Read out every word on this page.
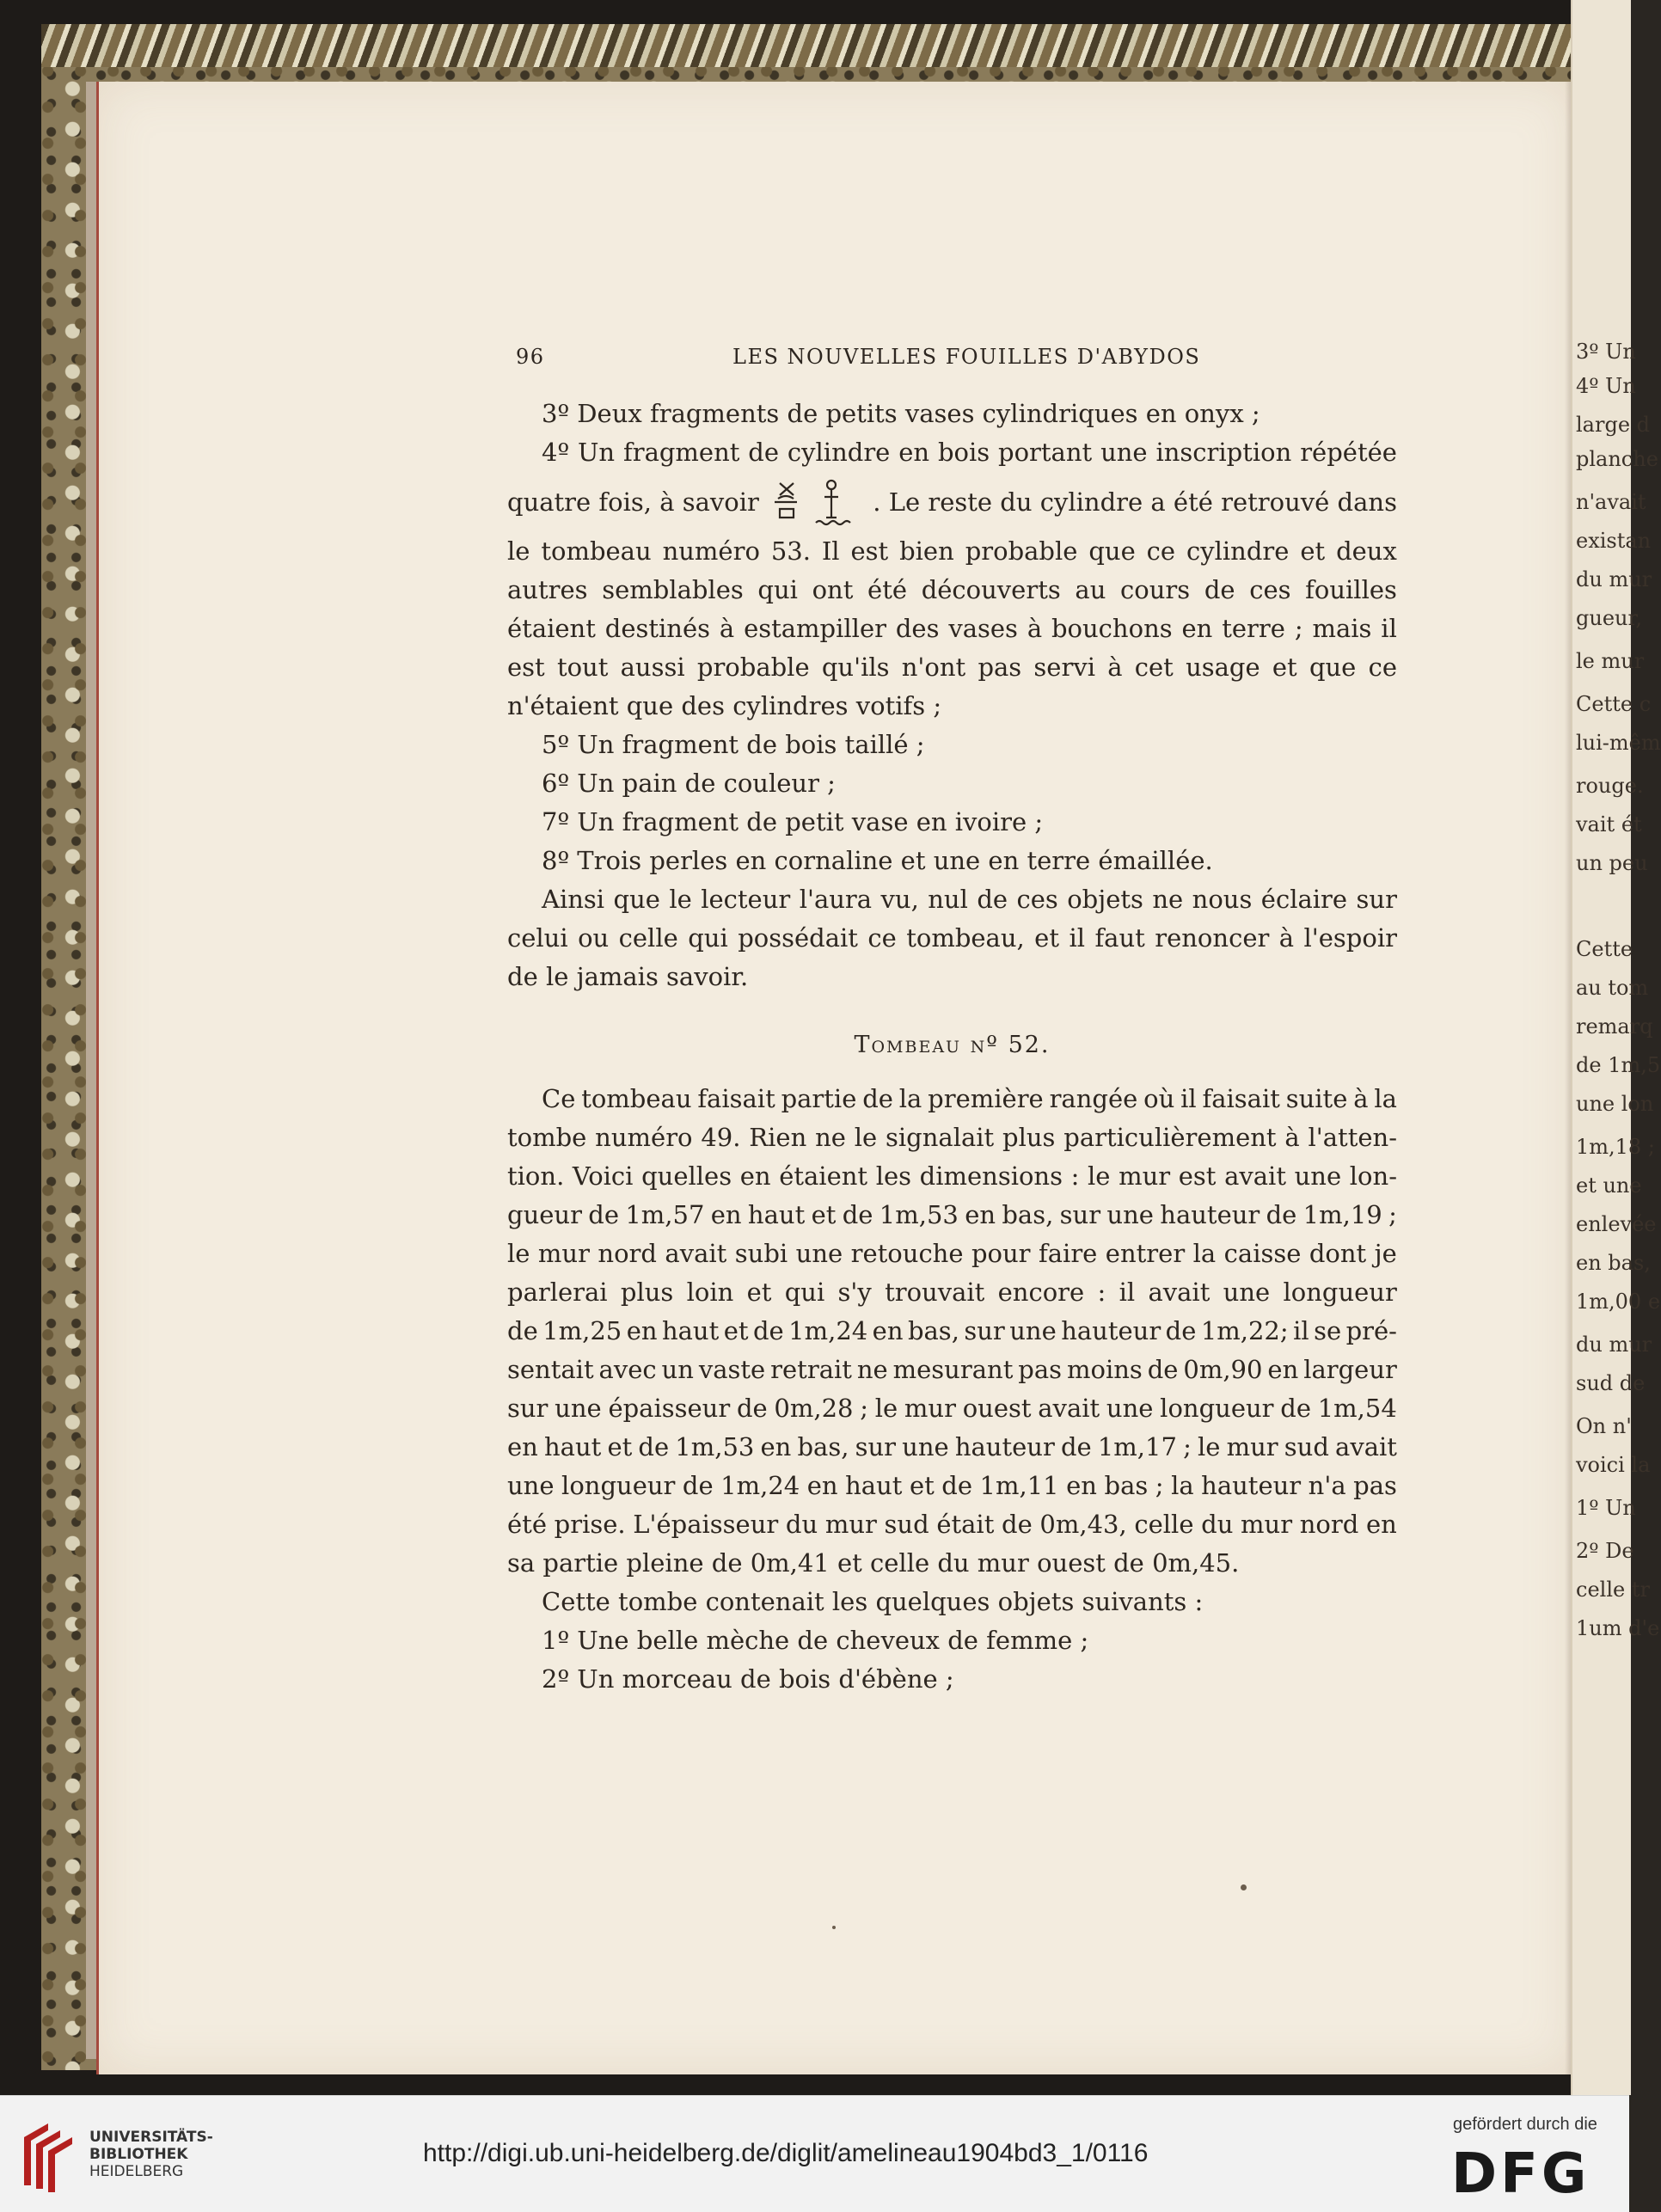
3º Un
4º Un
large d
planche
n'avait
existan
du mur
gueur,
le mur
Cette c
lui-mêm
rouge.
vait ét
un peu
Cette
au tom
remarq
de 1m,5
une lon
1m,18 ;
et une
enlevée
en bas,
1m,00 e
du mur
sud de
On n'
voici la
1º Un
2º De
celle tr
1um d'e
96	LES NOUVELLES FOUILLES D'ABYDOS
3º Deux fragments de petits vases cylindriques en onyx ;
4º Un fragment de cylindre en bois portant une inscription répétée
quatre fois, à savoir	. Le reste du cylindre a été retrouvé dans
le tombeau numéro 53. Il est bien probable que ce cylindre et deux
autres semblables qui ont été découverts au cours de ces fouilles
étaient destinés à estampiller des vases à bouchons en terre ; mais il
est tout aussi probable qu'ils n'ont pas servi à cet usage et que ce
n'étaient que des cylindres votifs ;
5º Un fragment de bois taillé ;
6º Un pain de couleur ;
7º Un fragment de petit vase en ivoire ;
8º Trois perles en cornaline et une en terre émaillée.
Ainsi que le lecteur l'aura vu, nul de ces objets ne nous éclaire sur
celui ou celle qui possédait ce tombeau, et il faut renoncer à l'espoir
de le jamais savoir.
Tombeau nº 52.
Ce tombeau faisait partie de la première rangée où il faisait suite à la
tombe numéro 49. Rien ne le signalait plus particulièrement à l'atten-
tion. Voici quelles en étaient les dimensions : le mur est avait une lon-
gueur de 1m,57 en haut et de 1m,53 en bas, sur une hauteur de 1m,19 ;
le mur nord avait subi une retouche pour faire entrer la caisse dont je
parlerai plus loin et qui s'y trouvait encore : il avait une longueur
de 1m,25 en haut et de 1m,24 en bas, sur une hauteur de 1m,22; il se pré-
sentait avec un vaste retrait ne mesurant pas moins de 0m,90 en largeur
sur une épaisseur de 0m,28 ; le mur ouest avait une longueur de 1m,54
en haut et de 1m,53 en bas, sur une hauteur de 1m,17 ; le mur sud avait
une longueur de 1m,24 en haut et de 1m,11 en bas ; la hauteur n'a pas
été prise. L'épaisseur du mur sud était de 0m,43, celle du mur nord en
sa partie pleine de 0m,41 et celle du mur ouest de 0m,45.
Cette tombe contenait les quelques objets suivants :
1º Une belle mèche de cheveux de femme ;
2º Un morceau de bois d'ébène ;
UNIVERSITÄTS-
BIBLIOTHEK
HEIDELBERG
http://digi.ub.uni-heidelberg.de/diglit/amelineau1904bd3_1/0116
gefördert durch die
DFG
